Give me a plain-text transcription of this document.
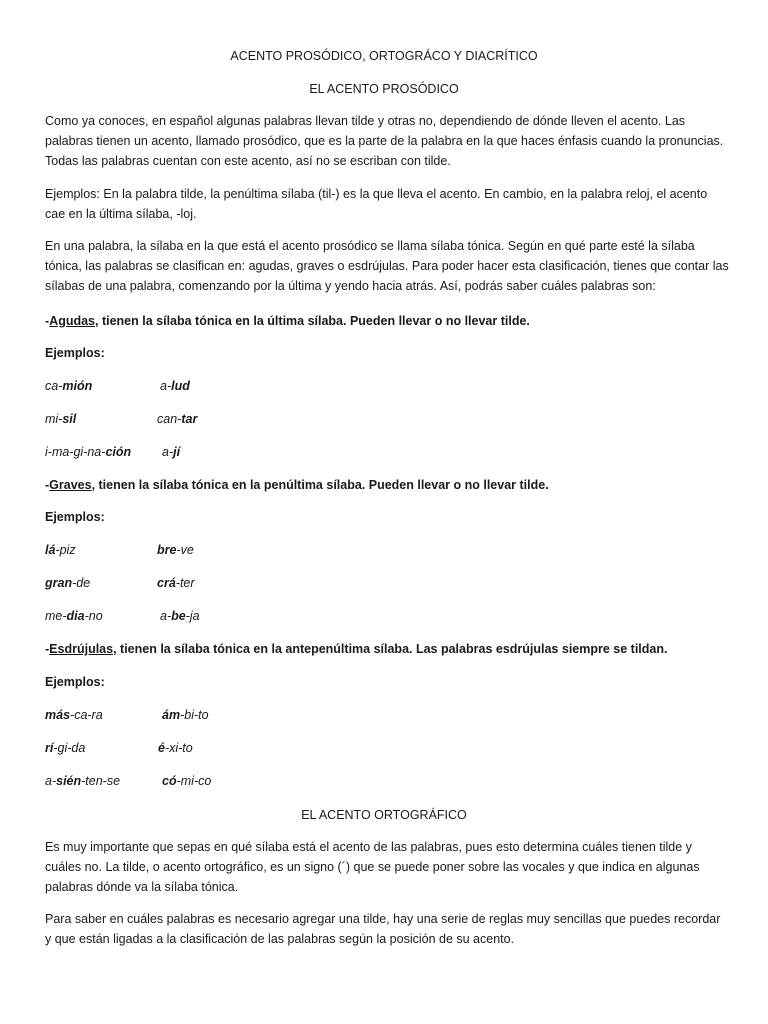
ACENTO PROSÓDICO, ORTOGRÁCO Y DIACRÍTICO

EL ACENTO PROSÓDICO

Como ya conoces, en español algunas palabras llevan tilde y otras no, dependiendo de dónde lleven el acento. Las palabras tienen un acento, llamado prosódico, que es la parte de la palabra en la que haces énfasis cuando la pronuncias. Todas las palabras cuentan con este acento, así no se escriban con tilde.

Ejemplos: En la palabra tilde, la penúltima sílaba (til-) es la que lleva el acento. En cambio, en la palabra reloj, el acento cae en la última sílaba, -loj.

En una palabra, la sílaba en la que está el acento prosódico se llama sílaba tónica. Según en qué parte esté la sílaba tónica, las palabras se clasifican en: agudas, graves o esdrújulas. Para poder hacer esta clasificación, tienes que contar las sílabas de una palabra, comenzando por la última y yendo hacia atrás. Así, podrás saber cuáles palabras son:

-Agudas, tienen la sílaba tónica en la última sílaba. Pueden llevar o no llevar tilde.

Ejemplos:

ca-mión	a-lud

mi-sil	can-tar

i-ma-gi-na-ción a-jí

-Graves, tienen la sílaba tónica en la penúltima sílaba. Pueden llevar o no llevar tilde.

Ejemplos:

lá-piz	bre-ve

gran-de	crá-ter

me-dia-no	a-be-ja

-Esdrújulas, tienen la sílaba tónica en la antepenúltima sílaba. Las palabras esdrújulas siempre se tildan.

Ejemplos:

más-ca-ra	ám-bi-to

rí-gi-da	é-xi-to

a-sién-ten-se	có-mi-co

EL ACENTO ORTOGRÁFICO

Es muy importante que sepas en qué sílaba está el acento de las palabras, pues esto determina cuáles tienen tilde y cuáles no. La tilde, o acento ortográfico, es un signo (´) que se puede poner sobre las vocales y que indica en algunas palabras dónde va la sílaba tónica.

Para saber en cuáles palabras es necesario agregar una tilde, hay una serie de reglas muy sencillas que puedes recordar y que están ligadas a la clasificación de las palabras según la posición de su acento.
